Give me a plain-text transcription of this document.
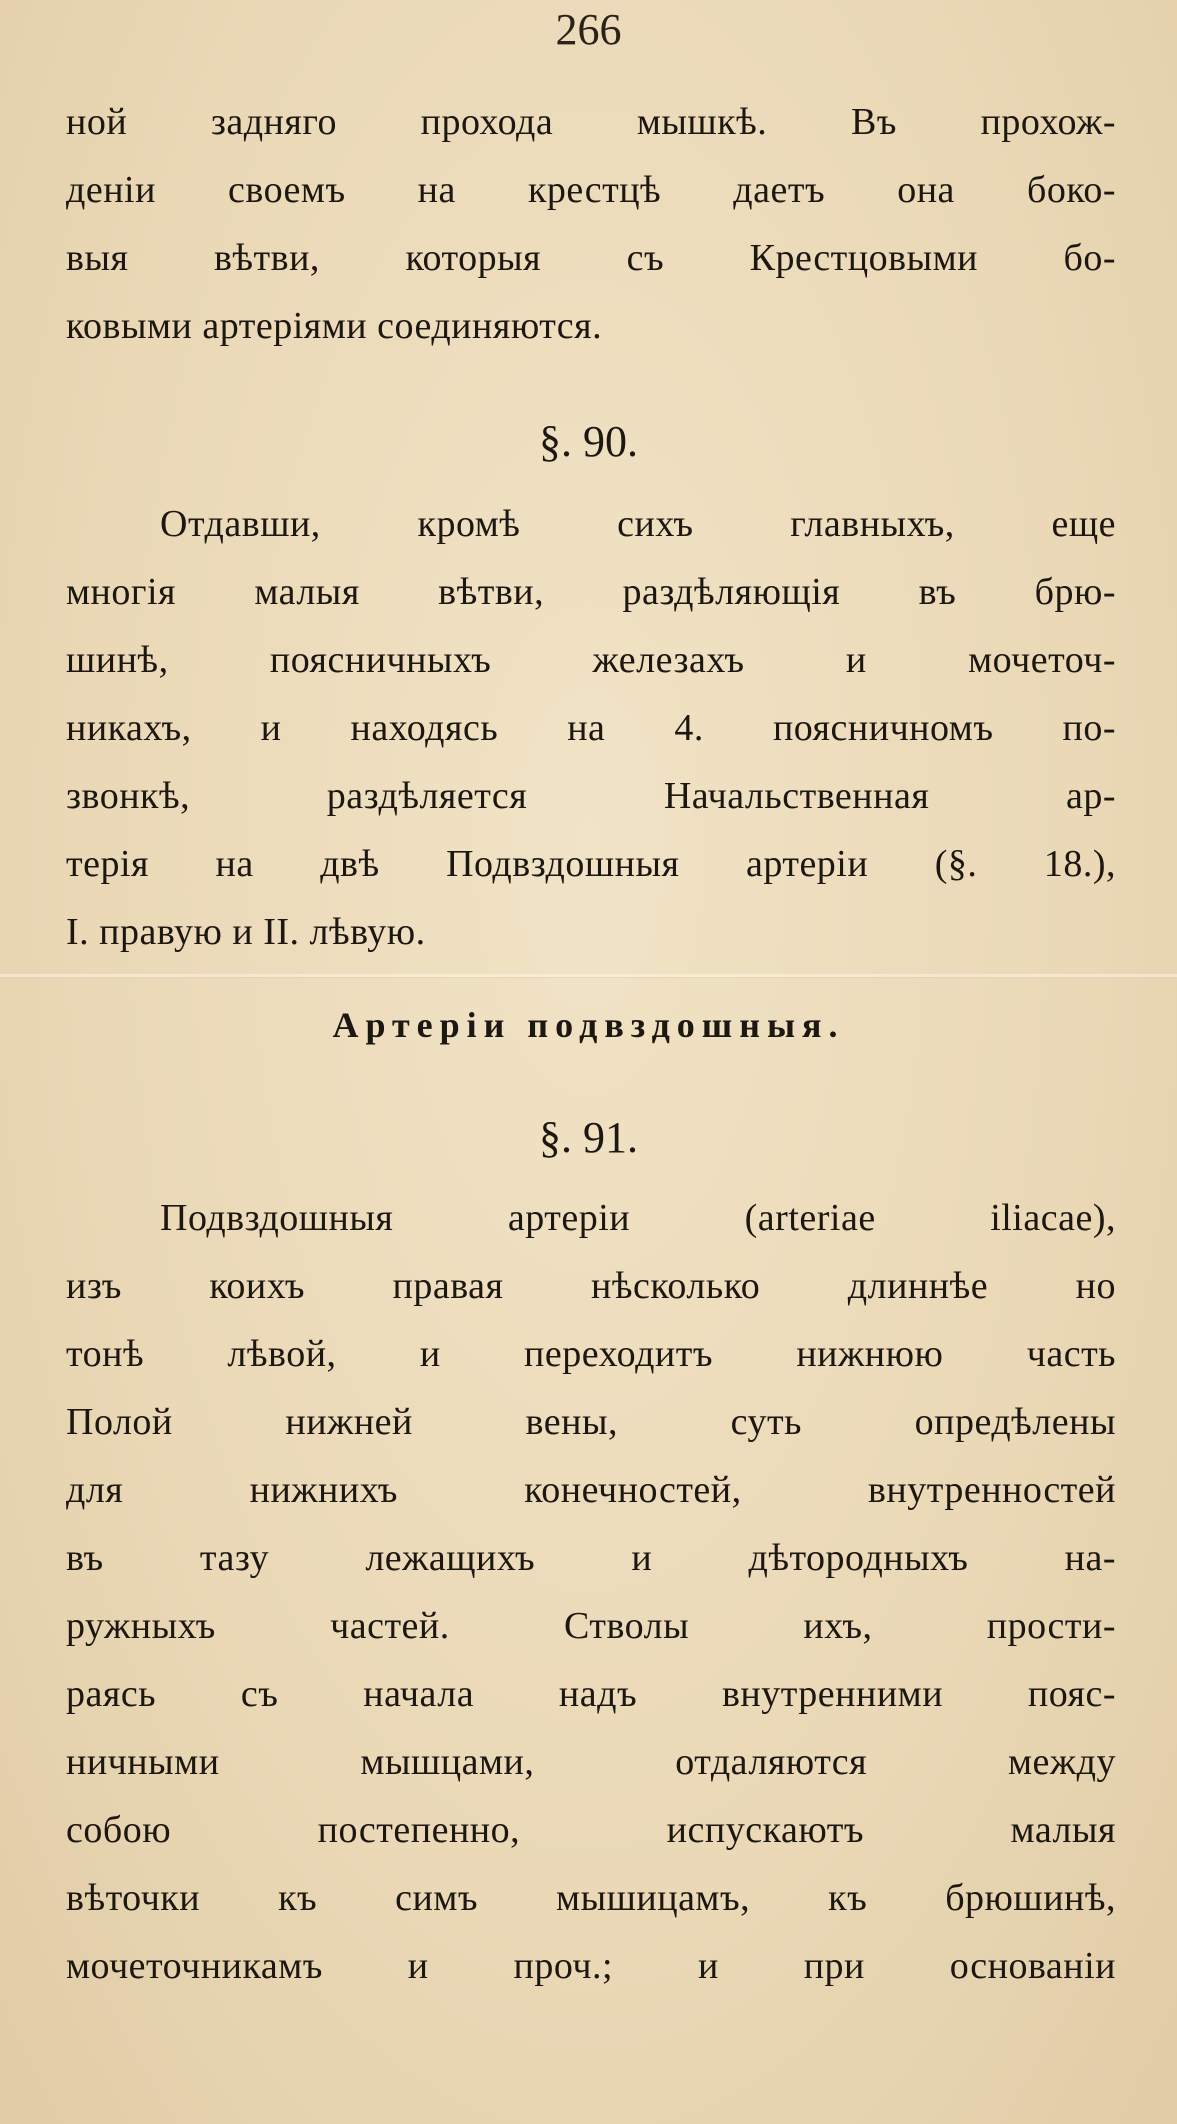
266
ной задняго прохода мышкѣ. Въ прохож-
деніи своемъ на крестцѣ даетъ она боко-
выя вѣтви, которыя съ Крестцовыми бо-
ковыми артеріями соединяются.
§. 90.
Отдавши, кромѣ сихъ главныхъ, еще
многія малыя вѣтви, раздѣляющія въ брю-
шинѣ, поясничныхъ железахъ и мочеточ-
никахъ, и находясь на 4. поясничномъ по-
звонкѣ, раздѣляется Начальственная ар-
терія на двѣ Подвздошныя артеріи (§. 18.),
I. правую и II. лѣвую.
Артеріи подвздошныя.
§. 91.
Подвздошныя артеріи (arteriae iliacae),
изъ коихъ правая нѣсколько длиннѣе но
тонѣ лѣвой, и переходитъ нижнюю часть
Полой нижней вены, суть опредѣлены
для нижнихъ конечностей, внутренностей
въ тазу лежащихъ и дѣтородныхъ на-
ружныхъ частей. Стволы ихъ, прости-
раясь съ начала надъ внутренними пояс-
ничными мышцами, отдаляются между
собою постепенно, испускаютъ малыя
вѣточки къ симъ мышицамъ, къ брюшинѣ,
мочеточникамъ и проч.; и при основаніи
